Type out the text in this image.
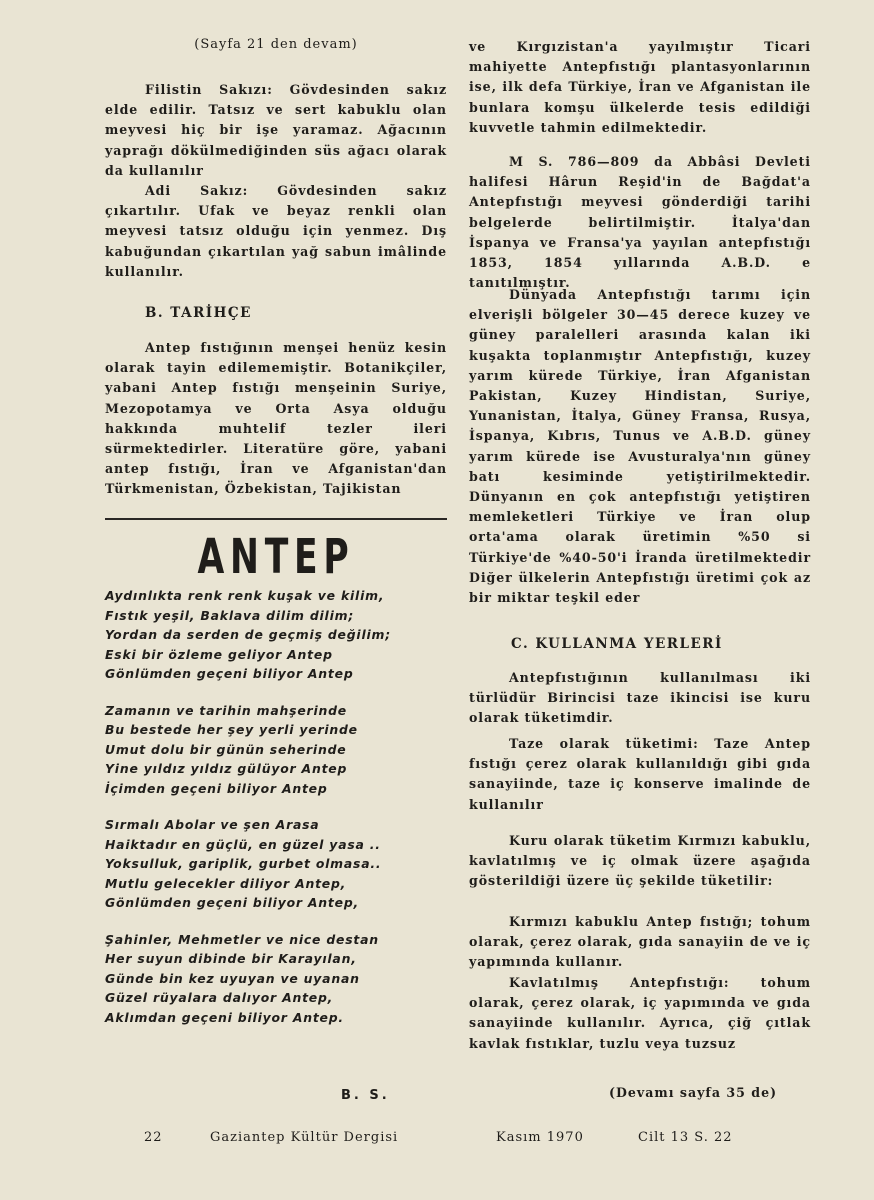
(Sayfa 21 den devam)

Filistin Sakızı: Gövdesinden sakız elde edilir. Tatsız ve sert kabuklu olan meyvesi hiç bir işe yaramaz. Ağacının yaprağı dökülmediğinden süs ağacı olarak da kullanılır

Adi Sakız: Gövdesinden sakız çıkartılır. Ufak ve beyaz renkli olan meyvesi tatsız olduğu için yenmez. Dış kabuğundan çıkartılan yağ sabun imâlinde kullanılır.

B. TARİHÇE

Antep fıstığının menşei henüz kesin olarak tayin edilememiştir. Botanikçiler, yabani Antep fıstığı menşeinin Suriye, Mezopotamya ve Orta Asya olduğu hakkında muhtelif tezler ileri sürmektedirler. Literatüre göre, yabani antep fıstığı, İran ve Afganistan'dan Türkmenistan, Özbekistan, Tajikistan

ANTEP
Aydınlıkta renk renk kuşak ve kilim,
Fıstık yeşil, Baklava dilim dilim;
Yordan da serden de geçmiş değilim;
Eski bir özleme geliyor Antep
Gönlümden geçeni biliyor Antep
Zamanın ve tarihin mahşerinde
Bu bestede her şey yerli yerinde
Umut dolu bir günün seherinde
Yine yıldız yıldız gülüyor Antep
İçimden geçeni biliyor Antep
Sırmalı Abolar ve şen Arasa
Haiktadır en güçlü, en güzel yasa ..
Yoksulluk, gariplik, gurbet olmasa..
Mutlu gelecekler diliyor Antep,
Gönlümden geçeni biliyor Antep,
Şahinler, Mehmetler ve nice destan
Her suyun dibinde bir Karayılan,
Günde bin kez uyuyan ve uyanan
Güzel rüyalara dalıyor Antep,
Aklımdan geçeni biliyor Antep.
B. S.

ve Kırgızistan'a yayılmıştır Ticari mahiyette Antepfıstığı plantasyonlarının ise, ilk defa Türkiye, İran ve Afganistan ile bunlara komşu ülkelerde tesis edildiği kuvvetle tahmin edilmektedir.

M S. 786—809 da Abbâsi Devleti halifesi Hârun Reşid'in de Bağdat'a Antepfıstığı meyvesi gönderdiği tarihi belgelerde belirtilmiştir. İtalya'dan İspanya ve Fransa'ya yayılan antepfıstığı 1853, 1854 yıllarında A.B.D. e tanıtılmıştır.

Dünyada Antepfıstığı tarımı için elverişli bölgeler 30—45 derece kuzey ve güney paralelleri arasında kalan iki kuşakta toplanmıştır Antepfıstığı, kuzey yarım kürede Türkiye, İran Afganistan Pakistan, Kuzey Hindistan, Suriye, Yunanistan, İtalya, Güney Fransa, Rusya, İspanya, Kıbrıs, Tunus ve A.B.D. güney yarım kürede ise Avusturalya'nın güney batı kesiminde yetiştirilmektedir. Dünyanın en çok antepfıstığı yetiştiren memleketleri Türkiye ve İran olup orta'ama olarak üretimin %50 si Türkiye'de %40-50'i İranda üretilmektedir Diğer ülkelerin Antepfıstığı üretimi çok az bir miktar teşkil eder

C. KULLANMA YERLERİ

Antepfıstığının kullanılması iki türlüdür Birincisi taze ikincisi ise kuru olarak tüketimdir.

Taze olarak tüketimi: Taze Antep fıstığı çerez olarak kullanıldığı gibi gıda sanayiinde, taze iç konserve imalinde de kullanılır

Kuru olarak tüketim Kırmızı kabuklu, kavlatılmış ve iç olmak üzere aşağıda gösterildiği üzere üç şekilde tüketilir:

Kırmızı kabuklu Antep fıstığı; tohum olarak, çerez olarak, gıda sanayiin de ve iç yapımında kullanır.

Kavlatılmış Antepfıstığı: tohum olarak, çerez olarak, iç yapımında ve gıda sanayiinde kullanılır. Ayrıca, çiğ çıtlak kavlak fıstıklar, tuzlu veya tuzsuz

(Devamı sayfa 35 de)
22	Gaziantep Kültür Dergisi	Kasım 1970	Cilt 13 S. 22
